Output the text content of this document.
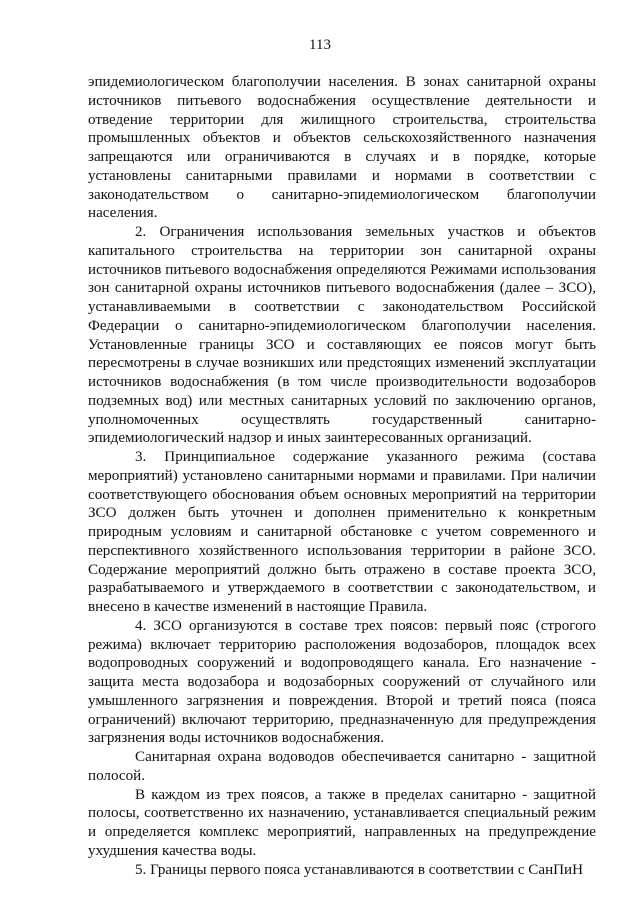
113

эпидемиологическом благополучии населения. В зонах санитарной охраны источников питьевого водоснабжения осуществление деятельности и отведение территории для жилищного строительства, строительства промышленных объектов и объектов сельскохозяйственного назначения запрещаются или ограничиваются в случаях и в порядке, которые установлены санитарными правилами и нормами в соответствии с законодательством о санитарно-эпидемиологическом благополучии населения.

2. Ограничения использования земельных участков и объектов капитального строительства на территории зон санитарной охраны источников питьевого водоснабжения определяются Режимами использования зон санитарной охраны источников питьевого водоснабжения (далее – ЗСО), устанавливаемыми в соответствии с законодательством Российской Федерации о санитарно-эпидемиологическом благополучии населения. Установленные границы ЗСО и составляющих ее поясов могут быть пересмотрены в случае возникших или предстоящих изменений эксплуатации источников водоснабжения (в том числе производительности водозаборов подземных вод) или местных санитарных условий по заключению органов, уполномоченных осуществлять государственный санитарно-эпидемиологический надзор и иных заинтересованных организаций.

3. Принципиальное содержание указанного режима (состава мероприятий) установлено санитарными нормами и правилами. При наличии соответствующего обоснования объем основных мероприятий на территории ЗСО должен быть уточнен и дополнен применительно к конкретным природным условиям и санитарной обстановке с учетом современного и перспективного хозяйственного использования территории в районе ЗСО. Содержание мероприятий должно быть отражено в составе проекта ЗСО, разрабатываемого и утверждаемого в соответствии с законодательством, и внесено в качестве изменений в настоящие Правила.

4. ЗСО организуются в составе трех поясов: первый пояс (строгого режима) включает территорию расположения водозаборов, площадок всех водопроводных сооружений и водопроводящего канала. Его назначение - защита места водозабора и водозаборных сооружений от случайного или умышленного загрязнения и повреждения. Второй и третий пояса (пояса ограничений) включают территорию, предназначенную для предупреждения загрязнения воды источников водоснабжения.

Санитарная охрана водоводов обеспечивается санитарно - защитной полосой.

В каждом из трех поясов, а также в пределах санитарно - защитной полосы, соответственно их назначению, устанавливается специальный режим и определяется комплекс мероприятий, направленных на предупреждение ухудшения качества воды.

5. Границы первого пояса устанавливаются в соответствии с СанПиН
